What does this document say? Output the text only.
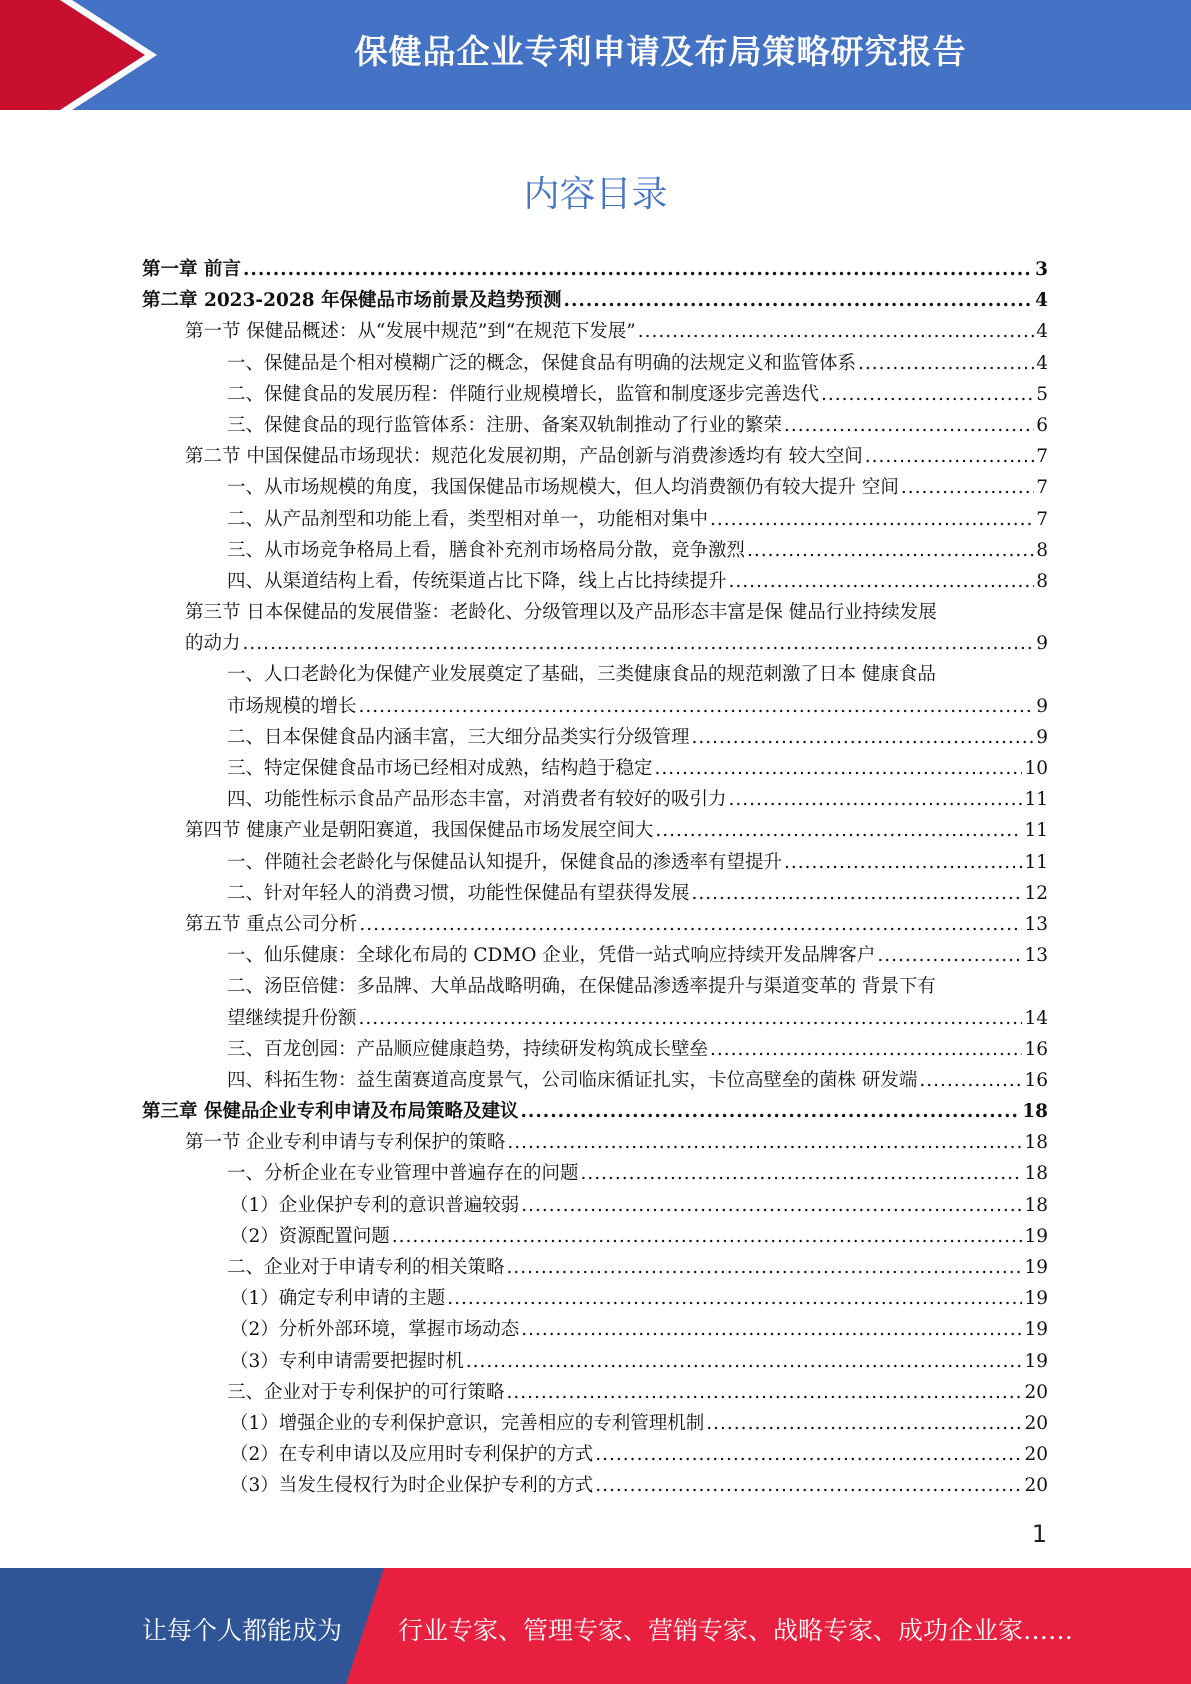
保健品企业专利申请及布局策略研究报告
内容目录
第一章 前言 .....	3
第二章 2023-2028 年保健品市场前景及趋势预测 .....	4
第一节 保健品概述：从“发展中规范”到“在规范下发展” .....	4
一、保健品是个相对模糊广泛的概念，保健食品有明确的法规定义和监管体系 .....	4
二、保健食品的发展历程：伴随行业规模增长，监管和制度逐步完善迭代 .....	5
三、保健食品的现行监管体系：注册、备案双轨制推动了行业的繁荣 .....	6
第二节 中国保健品市场现状：规范化发展初期，产品创新与消费渗透均有 较大空间 .....	7
一、从市场规模的角度，我国保健品市场规模大，但人均消费额仍有较大提升 空间 .....	7
二、从产品剂型和功能上看，类型相对单一，功能相对集中 .....	7
三、从市场竞争格局上看，膳食补充剂市场格局分散，竞争激烈 .....	8
四、从渠道结构上看，传统渠道占比下降，线上占比持续提升 .....	8
第三节 日本保健品的发展借鉴：老龄化、分级管理以及产品形态丰富是保 健品行业持续发展
的动力 .....	9
一、人口老龄化为保健产业发展奠定了基础，三类健康食品的规范刺激了日本 健康食品
市场规模的增长 .....	9
二、日本保健食品内涵丰富，三大细分品类实行分级管理 .....	9
三、特定保健食品市场已经相对成熟，结构趋于稳定 .....	10
四、功能性标示食品产品形态丰富，对消费者有较好的吸引力 .....	11
第四节 健康产业是朝阳赛道，我国保健品市场发展空间大 .....	11
一、伴随社会老龄化与保健品认知提升，保健食品的渗透率有望提升 .....	11
二、针对年轻人的消费习惯，功能性保健品有望获得发展 .....	12
第五节 重点公司分析 .....	13
一、仙乐健康：全球化布局的 CDMO 企业，凭借一站式响应持续开发品牌客户 .....	13
二、汤臣倍健：多品牌、大单品战略明确，在保健品渗透率提升与渠道变革的 背景下有
望继续提升份额 .....	14
三、百龙创园：产品顺应健康趋势，持续研发构筑成长壁垒 .....	16
四、科拓生物：益生菌赛道高度景气，公司临床循证扎实，卡位高壁垒的菌株 研发端 .....	16
第三章 保健品企业专利申请及布局策略及建议 .....	18
第一节 企业专利申请与专利保护的策略 .....	18
一、分析企业在专业管理中普遍存在的问题 .....	18
（1）企业保护专利的意识普遍较弱 .....	18
（2）资源配置问题 .....	19
二、企业对于申请专利的相关策略 .....	19
（1）确定专利申请的主题 .....	19
（2）分析外部环境，掌握市场动态 .....	19
（3）专利申请需要把握时机 .....	19
三、企业对于专利保护的可行策略 .....	20
（1）增强企业的专利保护意识，完善相应的专利管理机制 .....	20
（2）在专利申请以及应用时专利保护的方式 .....	20
（3）当发生侵权行为时企业保护专利的方式 .....	20
1
让每个人都能成为 行业专家、管理专家、营销专家、战略专家、成功企业家……
